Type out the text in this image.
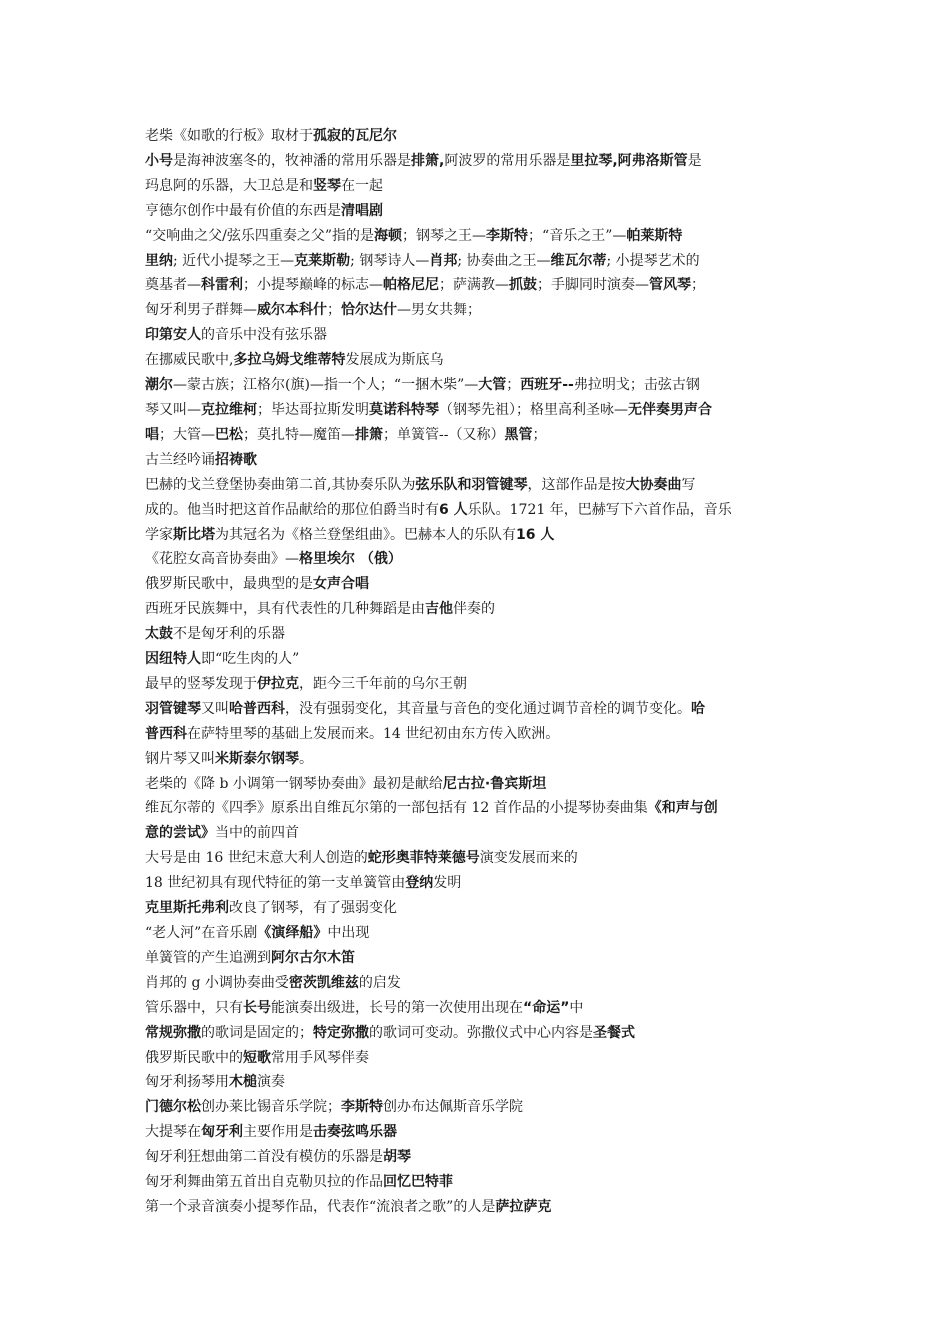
老柴《如歌的行板》取材于孤寂的瓦尼尔
小号是海神波塞冬的，牧神潘的常用乐器是排箫,阿波罗的常用乐器是里拉琴,阿弗洛斯管是
玛息阿的乐器，大卫总是和竖琴在一起
亨德尔创作中最有价值的东西是清唱剧
“交响曲之父/弦乐四重奏之父”指的是海顿；钢琴之王—李斯特；“音乐之王”—帕莱斯特
里纳; 近代小提琴之王—克莱斯勒; 钢琴诗人—肖邦; 协奏曲之王—维瓦尔蒂; 小提琴艺术的
奠基者—科雷利；小提琴巅峰的标志—帕格尼尼；萨满教—抓鼓；手脚同时演奏—管风琴；
匈牙利男子群舞—威尔本科什；恰尔达什—男女共舞；
印第安人的音乐中没有弦乐器
在挪威民歌中,多拉乌姆戈维蒂特发展成为斯底乌
潮尔—蒙古族；江格尔(旗)—指一个人；“一捆木柴”—大管；西班牙--弗拉明戈；击弦古钢
琴又叫—克拉维柯；毕达哥拉斯发明莫诺科特琴（钢琴先祖）；格里高利圣咏—无伴奏男声合
唱；大管—巴松；莫扎特—魔笛—排箫；单簧管--（又称）黑管；
古兰经吟诵招祷歌
巴赫的戈兰登堡协奏曲第二首,其协奏乐队为弦乐队和羽管键琴，这部作品是按大协奏曲写
成的。他当时把这首作品献给的那位伯爵当时有6 人乐队。1721 年，巴赫写下六首作品，音乐
学家斯比塔为其冠名为《格兰登堡组曲》。巴赫本人的乐队有16 人
《花腔女高音协奏曲》—格里埃尔 （俄）
俄罗斯民歌中，最典型的是女声合唱
西班牙民族舞中，具有代表性的几种舞蹈是由吉他伴奏的
太鼓不是匈牙利的乐器
因纽特人即“吃生肉的人”
最早的竖琴发现于伊拉克，距今三千年前的乌尔王朝
羽管键琴又叫哈普西科，没有强弱变化，其音量与音色的变化通过调节音栓的调节变化。哈
普西科在萨特里琴的基础上发展而来。14 世纪初由东方传入欧洲。
钢片琴又叫米斯泰尔钢琴。
老柴的《降 b 小调第一钢琴协奏曲》最初是献给尼古拉·鲁宾斯坦
维瓦尔蒂的《四季》原系出自维瓦尔第的一部包括有 12 首作品的小提琴协奏曲集《和声与创
意的尝试》当中的前四首
大号是由 16 世纪末意大利人创造的蛇形奥菲特莱德号演变发展而来的
18 世纪初具有现代特征的第一支单簧管由登纳发明
克里斯托弗利改良了钢琴，有了强弱变化
“老人河”在音乐剧《演绎船》中出现
单簧管的产生追溯到阿尔古尔木笛
肖邦的 g 小调协奏曲受密茨凯维兹的启发
管乐器中，只有长号能演奏出级进，长号的第一次使用出现在“命运”中
常规弥撒的歌词是固定的；特定弥撒的歌词可变动。弥撒仪式中心内容是圣餐式
俄罗斯民歌中的短歌常用手风琴伴奏
匈牙利扬琴用木槌演奏
门德尔松创办莱比锡音乐学院；李斯特创办布达佩斯音乐学院
大提琴在匈牙利主要作用是击奏弦鸣乐器
匈牙利狂想曲第二首没有模仿的乐器是胡琴
匈牙利舞曲第五首出自克勒贝拉的作品回忆巴特菲
第一个录音演奏小提琴作品，代表作“流浪者之歌”的人是萨拉萨克
